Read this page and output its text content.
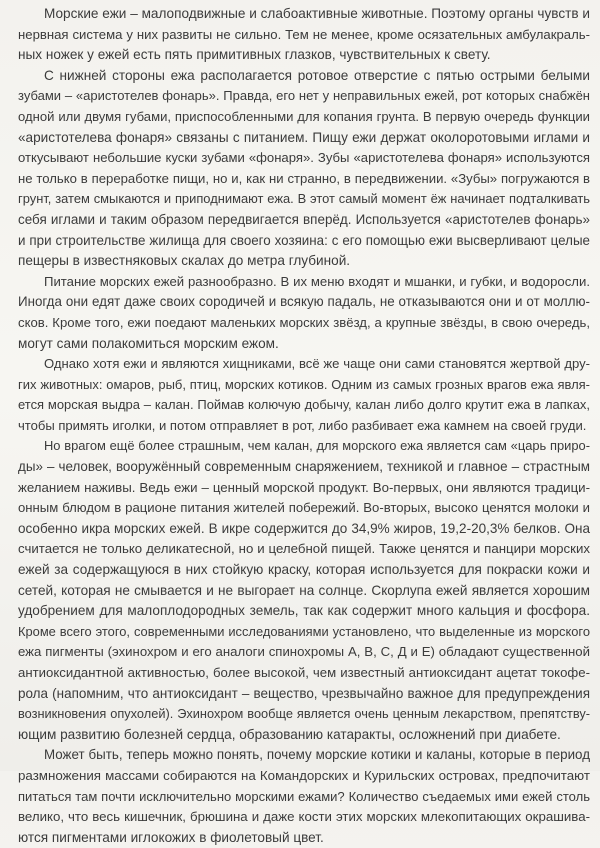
Морские ежи – малоподвижные и слабоактивные животные. Поэтому органы чувств и
нервная система у них развиты не сильно. Тем не менее, кроме осязательных амбулакраль-
ных ножек у ежей есть пять примитивных глазков, чувствительных к свету.
С нижней стороны ежа располагается ротовое отверстие с пятью острыми белыми
зубами – «аристотелев фонарь». Правда, его нет у неправильных ежей, рот которых снабжён
одной или двумя губами, приспособленными для копания грунта. В первую очередь функции
«аристотелева фонаря» связаны с питанием. Пищу ежи держат околоротовыми иглами и
откусывают небольшие куски зубами «фонаря». Зубы «аристотелева фонаря» используются
не только в переработке пищи, но и, как ни странно, в передвижении. «Зубы» погружаются в
грунт, затем смыкаются и приподнимают ежа. В этот самый момент ёж начинает подталкивать
себя иглами и таким образом передвигается вперёд. Используется «аристотелев фонарь»
и при строительстве жилища для своего хозяина: с его помощью ежи высверливают целые
пещеры в известняковых скалах до метра глубиной.
Питание морских ежей разнообразно. В их меню входят и мшанки, и губки, и водоросли.
Иногда они едят даже своих сородичей и всякую падаль, не отказываются они и от моллю-
сков. Кроме того, ежи поедают маленьких морских звёзд, а крупные звёзды, в свою очередь,
могут сами полакомиться морским ежом.
Однако хотя ежи и являются хищниками, всё же чаще они сами становятся жертвой дру-
гих животных: омаров, рыб, птиц, морских котиков. Одним из самых грозных врагов ежа явля-
ется морская выдра – калан. Поймав колючую добычу, калан либо долго крутит ежа в лапках,
чтобы примять иголки, и потом отправляет в рот, либо разбивает ежа камнем на своей груди.
Но врагом ещё более страшным, чем калан, для морского ежа является сам «царь приро-
ды» – человек, вооружённый современным снаряжением, техникой и главное – страстным
желанием наживы. Ведь ежи – ценный морской продукт. Во-первых, они являются традици-
онным блюдом в рационе питания жителей побережий. Во-вторых, высоко ценятся молоки и
особенно икра морских ежей. В икре содержится до 34,9% жиров, 19,2-20,3% белков. Она
считается не только деликатесной, но и целебной пищей. Также ценятся и панцири морских
ежей за содержащуюся в них стойкую краску, которая используется для покраски кожи и
сетей, которая не смывается и не выгорает на солнце. Скорлупа ежей является хорошим
удобрением для малоплодородных земель, так как содержит много кальция и фосфора.
Кроме всего этого, современными исследованиями установлено, что выделенные из морского
ежа пигменты (эхинохром и его аналоги спинохромы А, В, С, Д и Е) обладают существенной
антиоксидантной активностью, более высокой, чем известный антиоксидант ацетат токофе-
рола (напомним, что антиоксидант – вещество, чрезвычайно важное для предупреждения
возникновения опухолей). Эхинохром вообще является очень ценным лекарством, препятству-
ющим развитию болезней сердца, образованию катаракты, осложнений при диабете.
Может быть, теперь можно понять, почему морские котики и каланы, которые в период
размножения массами собираются на Командорских и Курильских островах, предпочитают
питаться там почти исключительно морскими ежами? Количество съедаемых ими ежей столь
велико, что весь кишечник, брюшина и даже кости этих морских млекопитающих окрашива-
ются пигментами иглокожих в фиолетовый цвет.
